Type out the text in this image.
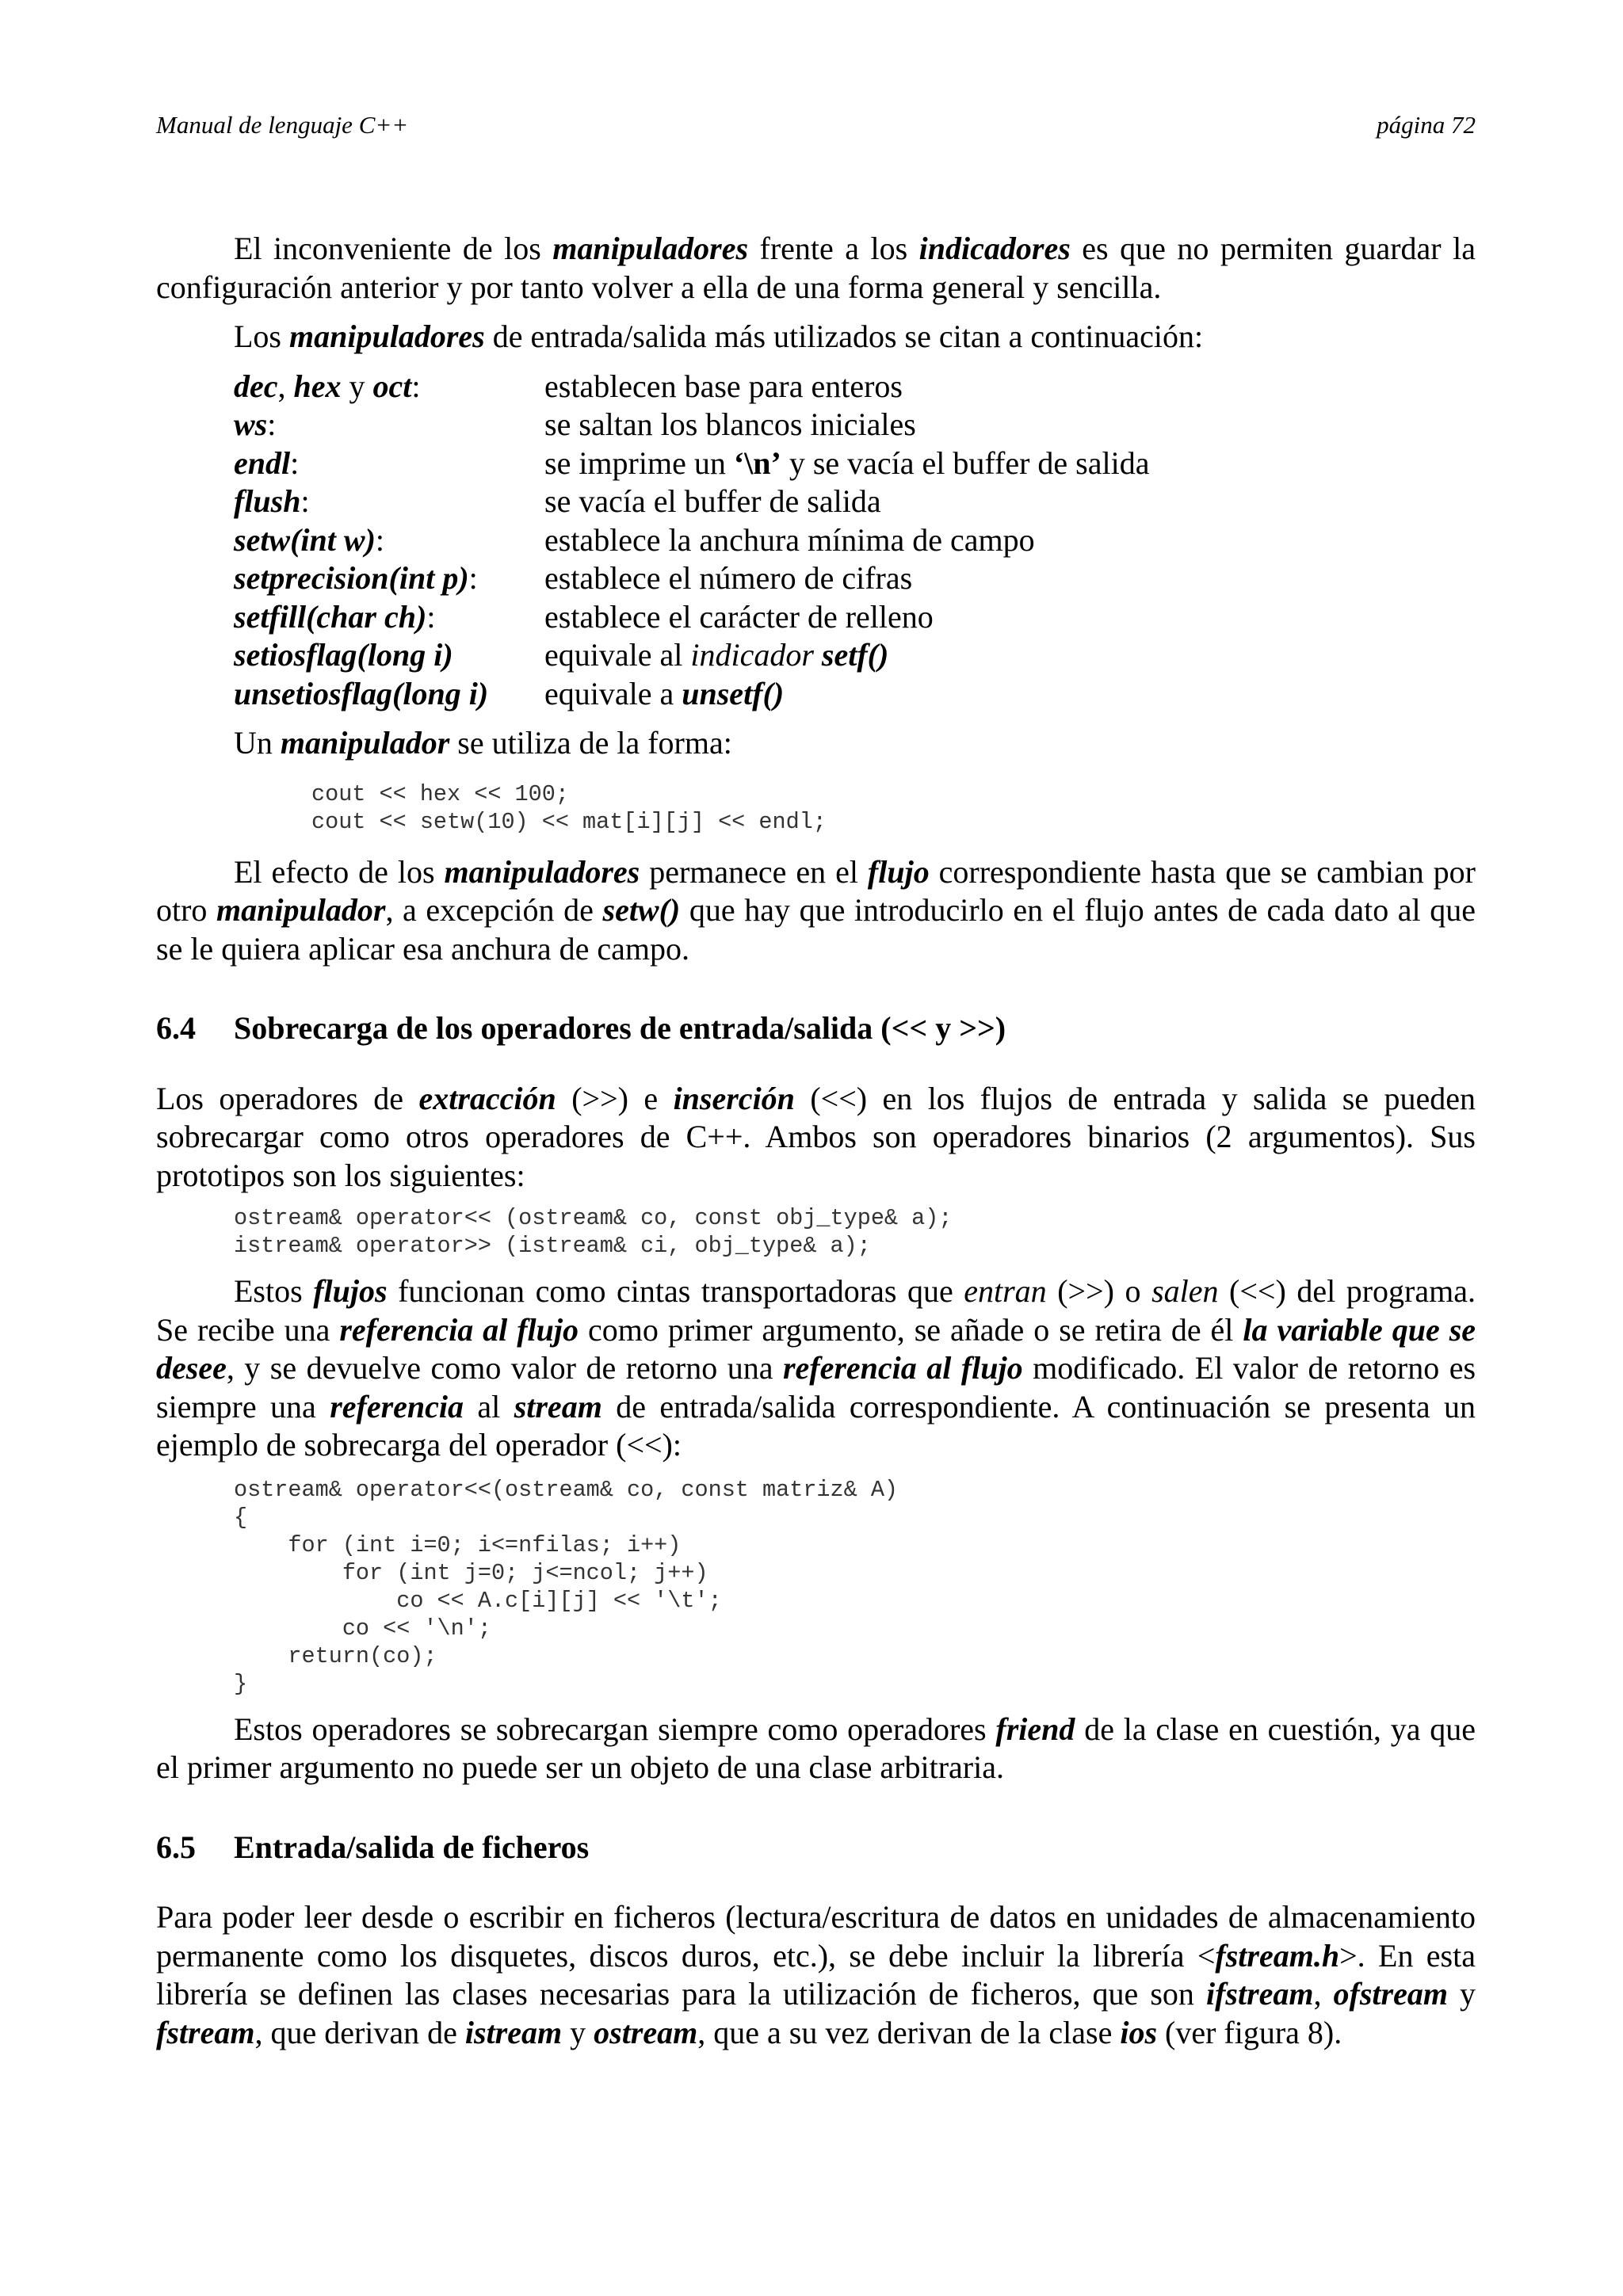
Manual de lenguaje C++	página 72

El inconveniente de los manipuladores frente a los indicadores es que no permiten guardar la configuración anterior y por tanto volver a ella de una forma general y sencilla.

Los manipuladores de entrada/salida más utilizados se citan a continuación:

dec, hex y oct:	establecen base para enteros
ws:	se saltan los blancos iniciales
endl:	se imprime un ‘\n’ y se vacía el buffer de salida
flush:	se vacía el buffer de salida
setw(int w):	establece la anchura mínima de campo
setprecision(int p):	establece el número de cifras
setfill(char ch):	establece el carácter de relleno
setiosflag(long i)	equivale al indicador setf()
unsetiosflag(long i)	equivale a unsetf()

Un manipulador se utiliza de la forma:

cout << hex << 100;
cout << setw(10) << mat[i][j] << endl;

El efecto de los manipuladores permanece en el flujo correspondiente hasta que se cambian por otro manipulador, a excepción de setw() que hay que introducirlo en el flujo antes de cada dato al que se le quiera aplicar esa anchura de campo.

6.4	Sobrecarga de los operadores de entrada/salida (<< y >>)

Los operadores de extracción (>>) e inserción (<<) en los flujos de entrada y salida se pueden sobrecargar como otros operadores de C++. Ambos son operadores binarios (2 argumentos). Sus prototipos son los siguientes:

ostream& operator<< (ostream& co, const obj_type& a);
istream& operator>> (istream& ci, obj_type& a);

Estos flujos funcionan como cintas transportadoras que entran (>>) o salen (<<) del programa. Se recibe una referencia al flujo como primer argumento, se añade o se retira de él la variable que se desee, y se devuelve como valor de retorno una referencia al flujo modificado. El valor de retorno es siempre una referencia al stream de entrada/salida correspondiente. A continuación se presenta un ejemplo de sobrecarga del operador (<<):

ostream& operator<<(ostream& co, const matriz& A)
{
for (int i=0; i<=nfilas; i++)
for (int j=0; j<=ncol; j++)
co << A.c[i][j] << '\t';
co << '\n';
return(co);
}

Estos operadores se sobrecargan siempre como operadores friend de la clase en cuestión, ya que el primer argumento no puede ser un objeto de una clase arbitraria.

6.5	Entrada/salida de ficheros

Para poder leer desde o escribir en ficheros (lectura/escritura de datos en unidades de almacenamiento permanente como los disquetes, discos duros, etc.), se debe incluir la librería <fstream.h>. En esta librería se definen las clases necesarias para la utilización de ficheros, que son ifstream, ofstream y fstream, que derivan de istream y ostream, que a su vez derivan de la clase ios (ver figura 8).
